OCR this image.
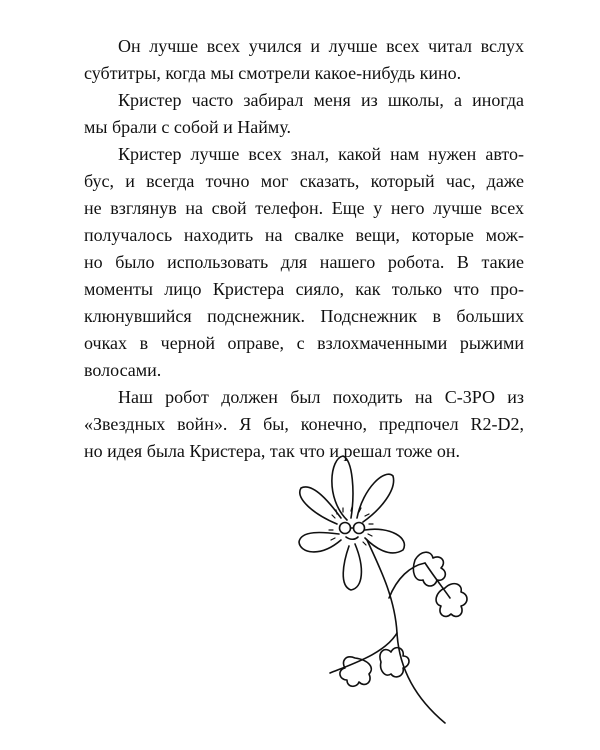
Он лучше всех учился и лучше всех читал вслух
субтитры, когда мы смотрели какое-нибудь кино.

Кристер часто забирал меня из школы, а иногда
мы брали с собой и Найму.

Кристер лучше всех знал, какой нам нужен авто-
бус, и всегда точно мог сказать, который час, даже
не взглянув на свой телефон. Еще у него лучше всех
получалось находить на свалке вещи, которые мож-
но было использовать для нашего робота. В такие
моменты лицо Кристера сияло, как только что про-
клюнувшийся подснежник. Подснежник в больших
очках в черной оправе, с взлохмаченными рыжими
волосами.

Наш робот должен был походить на С-3РО из
«Звездных войн». Я бы, конечно, предпочел R2-D2,
но идея была Кристера, так что и решал тоже он.
